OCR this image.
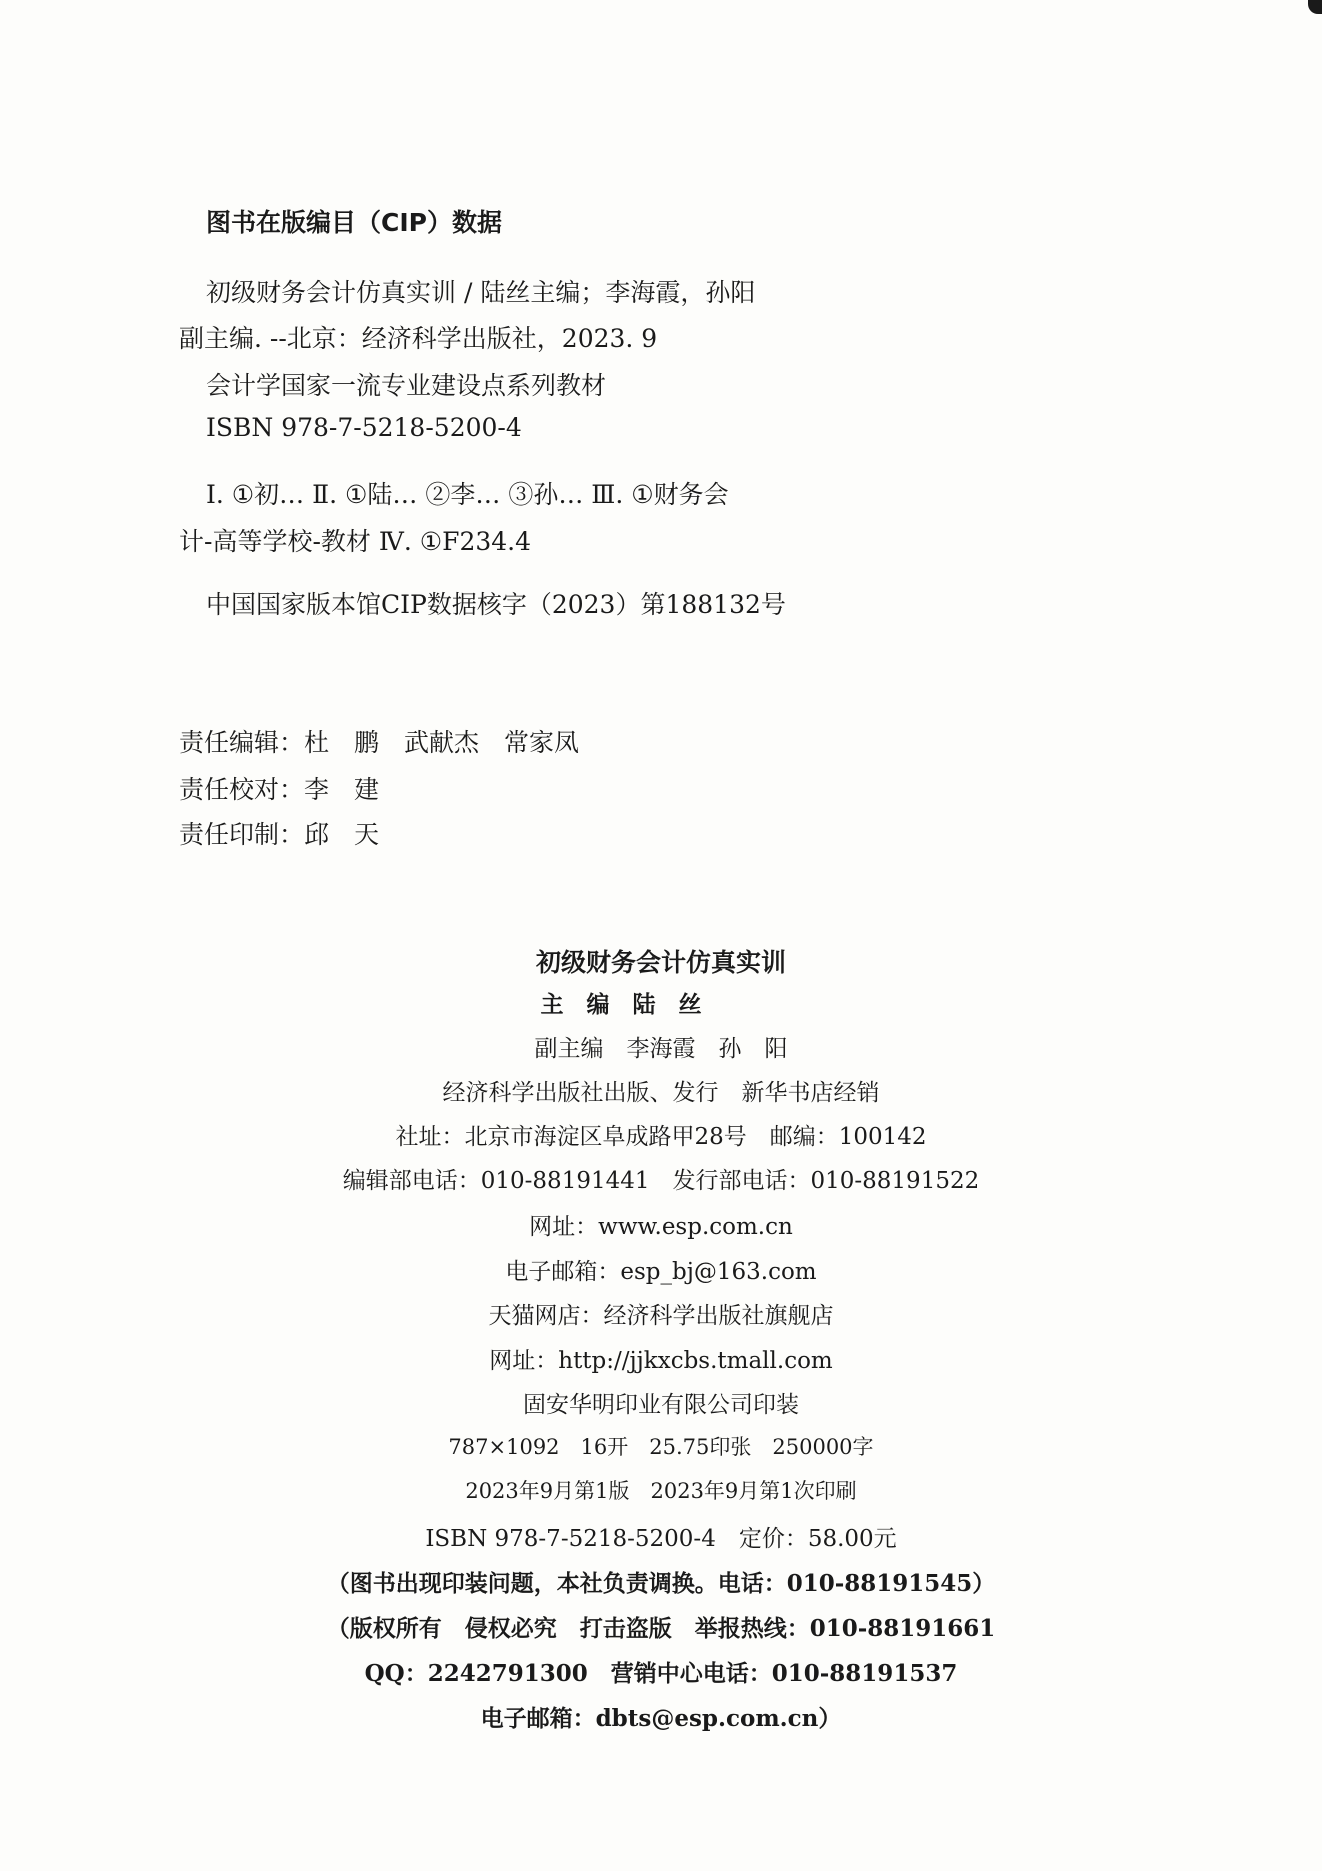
图书在版编目（CIP）数据
初级财务会计仿真实训 / 陆丝主编；李海霞，孙阳
副主编. --北京：经济科学出版社，2023. 9
会计学国家一流专业建设点系列教材
ISBN 978-7-5218-5200-4
Ⅰ. ①初… Ⅱ. ①陆… ②李… ③孙… Ⅲ. ①财务会
计-高等学校-教材 Ⅳ. ①F234.4
中国国家版本馆CIP数据核字（2023）第188132号
责任编辑：杜　鹏　武献杰　常家凤
责任校对：李　建
责任印制：邱　天
初级财务会计仿真实训
主　编　陆　丝
副主编　李海霞　孙　阳
经济科学出版社出版、发行　新华书店经销
社址：北京市海淀区阜成路甲28号　邮编：100142
编辑部电话：010-88191441　发行部电话：010-88191522
网址：www.esp.com.cn
电子邮箱：esp_bj@163.com
天猫网店：经济科学出版社旗舰店
网址：http://jjkxcbs.tmall.com
固安华明印业有限公司印装
787×1092　16开　25.75印张　250000字
2023年9月第1版　2023年9月第1次印刷
ISBN 978-7-5218-5200-4　定价：58.00元
（图书出现印装问题，本社负责调换。电话：010-88191545）
（版权所有　侵权必究　打击盗版　举报热线：010-88191661
QQ：2242791300　营销中心电话：010-88191537
电子邮箱：dbts@esp.com.cn）
